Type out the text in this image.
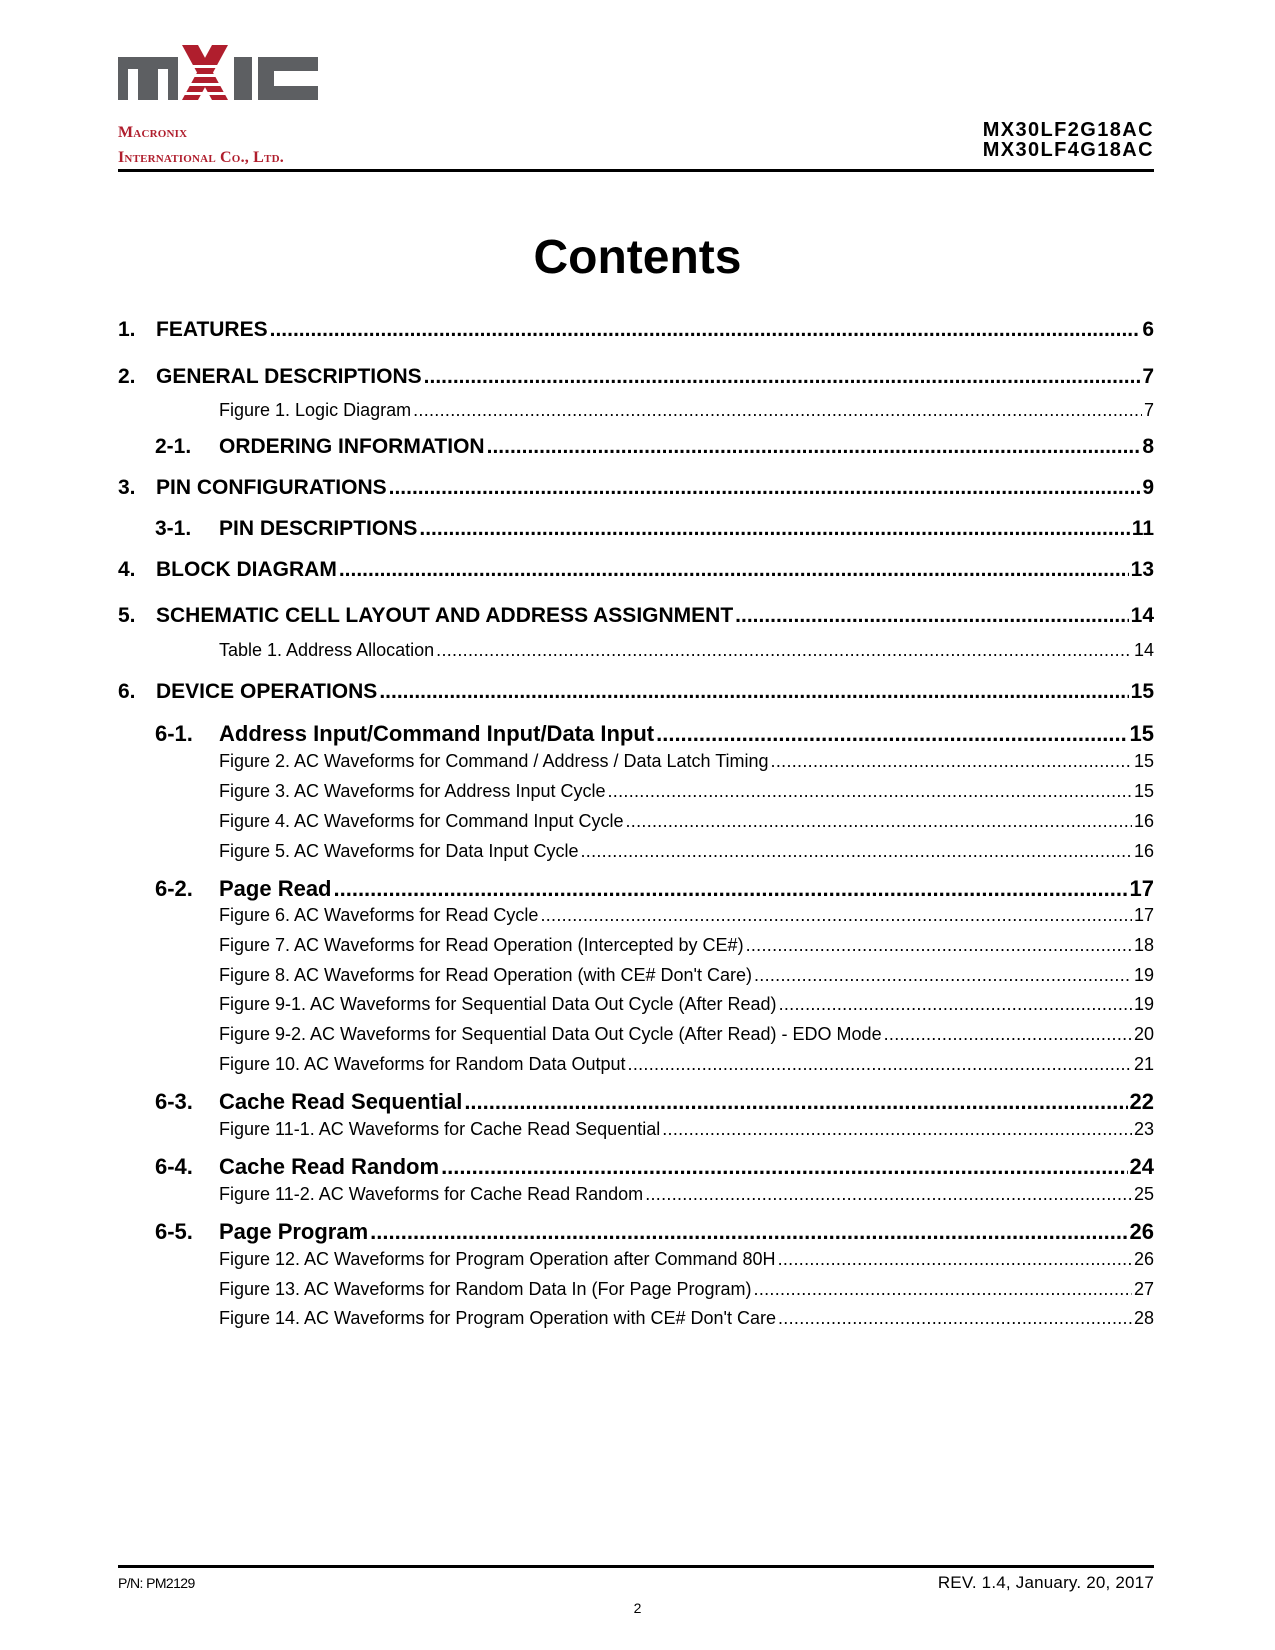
Macronix
International Co., Ltd.
MX30LF2G18AC
MX30LF4G18AC
Contents
1. FEATURES .....	6
2. GENERAL DESCRIPTIONS .....	7
Figure 1. Logic Diagram .....	7
2-1.	ORDERING INFORMATION .....	8
3. PIN CONFIGURATIONS .....	9
3-1.	PIN DESCRIPTIONS .....	11
4. BLOCK DIAGRAM .....	13
5. SCHEMATIC CELL LAYOUT AND ADDRESS ASSIGNMENT .....	14
Table 1. Address Allocation .....	14
6. DEVICE OPERATIONS .....	15
6-1.	Address Input/Command Input/Data Input .....	15
Figure 2. AC Waveforms for Command / Address / Data Latch Timing .....	15
Figure 3. AC Waveforms for Address Input Cycle .....	15
Figure 4. AC Waveforms for Command Input Cycle .....	16
Figure 5. AC Waveforms for Data Input Cycle .....	16
6-2.	Page Read .....	17
Figure 6. AC Waveforms for Read Cycle .....	17
Figure 7. AC Waveforms for Read Operation (Intercepted by CE#) .....	18
Figure 8. AC Waveforms for Read Operation (with CE# Don't Care) .....	19
Figure 9-1. AC Waveforms for Sequential Data Out Cycle (After Read) .....	19
Figure 9-2. AC Waveforms for Sequential Data Out Cycle (After Read) - EDO Mode .....	20
Figure 10. AC Waveforms for Random Data Output .....	21
6-3.	Cache Read Sequential .....	22
Figure 11-1. AC Waveforms for Cache Read Sequential .....	23
6-4.	Cache Read Random .....	24
Figure 11-2. AC Waveforms for Cache Read Random .....	25
6-5.	Page Program .....	26
Figure 12. AC Waveforms for Program Operation after Command 80H .....	26
Figure 13. AC Waveforms for Random Data In (For Page Program) .....	27
Figure 14. AC Waveforms for Program Operation with CE# Don't Care .....	28
P/N: PM2129	REV. 1.4, January. 20, 2017
2
